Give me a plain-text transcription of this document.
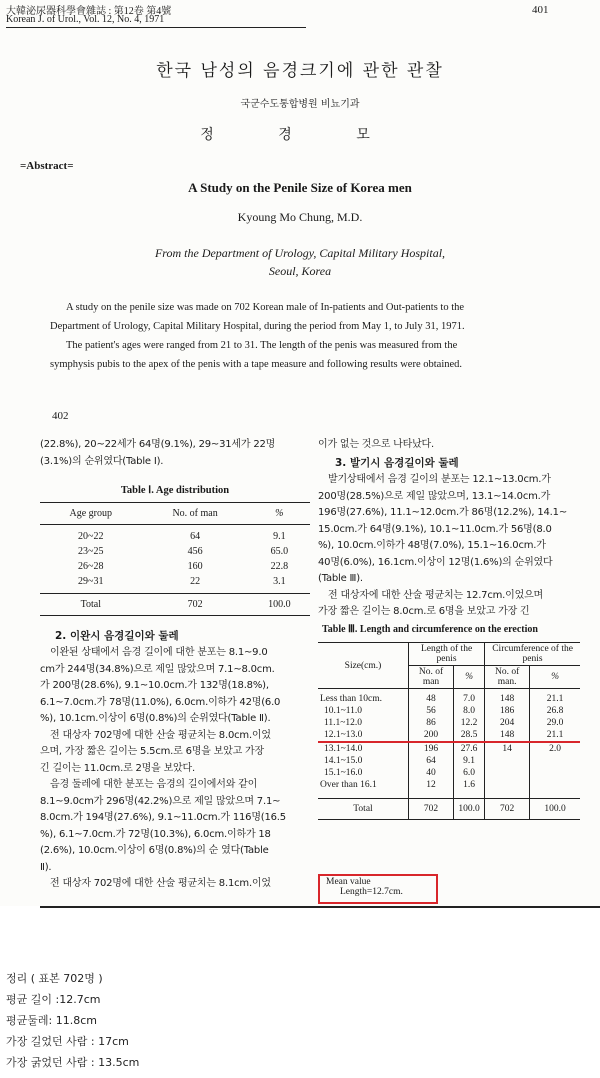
大韓泌尿器科學會雜誌 : 第12卷 第4號
Korean J. of Urol., Vol. 12, No. 4, 1971
401
한국 남성의 음경크기에 관한 관찰
국군수도통합병원 비뇨기과
정 경 모
=Abstract=
A Study on the Penile Size of Korea men
Kyoung Mo Chung, M.D.
From the Department of Urology, Capital Military Hospital,
Seoul, Korea
A study on the penile size was made on 702 Korean male of In-patients and Out-patients to the
Department of Urology, Capital Military Hospital, during the period from May 1, to July 31, 1971.
The patient's ages were ranged from 21 to 31. The length of the penis was measured from the
symphysis pubis to the apex of the penis with a tape measure and following results were obtained.
402
(22.8%), 20~22세가 64명(9.1%), 29~31세가 22명
(3.1%)의 순위였다(Table Ⅰ).
Table Ⅰ. Age distribution
Age group	No. of man	%
20~22	64	9.1
23~25	456	65.0
26~28	160	22.8
29~31	22	3.1
Total	702	100.0
2. 이완시 음경길이와 둘레
이완된 상태에서 음경 길이에 대한 분포는 8.1~9.0
cm가 244명(34.8%)으로 제일 많았으며 7.1~8.0cm.
가 200명(28.6%), 9.1~10.0cm.가 132명(18.8%),
6.1~7.0cm.가 78명(11.0%), 6.0cm.이하가 42명(6.0
%), 10.1cm.이상이 6명(0.8%)의 순위였다(Table Ⅱ).
전 대상자 702명에 대한 산술 평균치는 8.0cm.이었
으며, 가장 짧은 길이는 5.5cm.로 6명을 보았고 가장
긴 길이는 11.0cm.로 2명을 보았다.
음경 둘레에 대한 분포는 음경의 길이에서와 같이
8.1~9.0cm가 296명(42.2%)으로 제일 많았으며 7.1~
8.0cm.가 194명(27.6%), 9.1~11.0cm.가 116명(16.5
%), 6.1~7.0cm.가 72명(10.3%), 6.0cm.이하가 18
(2.6%), 10.0cm.이상이 6명(0.8%)의 순 였다(Table
Ⅱ).
전 대상자 702명에 대한 산술 평균치는 8.1cm.이었
이가 없는 것으로 나타났다.
3. 발기시 음경길이와 둘레
발기상태에서 음경 길이의 분포는 12.1~13.0cm.가
200명(28.5%)으로 제일 많았으며, 13.1~14.0cm.가
196명(27.6%), 11.1~12.0cm.가 86명(12.2%), 14.1~
15.0cm.가 64명(9.1%), 10.1~11.0cm.가 56명(8.0
%), 10.0cm.이하가 48명(7.0%), 15.1~16.0cm.가
40명(6.0%), 16.1cm.이상이 12명(1.6%)의 순위였다
(Table Ⅲ).
전 대상자에 대한 산술 평균치는 12.7cm.이었으며
가장 짧은 길이는 8.0cm.로 6명을 보았고 가장 긴
Table Ⅲ. Length and circumference on the erection
Size(cm.)	Length of the penis		Circumference of the penis	
	No. of man	%	No. of man.	%
Less than 10cm.	48	7.0	148	21.1
10.1~11.0	56	8.0	186	26.8
11.1~12.0	86	12.2	204	29.0
12.1~13.0	200	28.5	148	21.1
13.1~14.0	196	27.6	14	2.0
14.1~15.0	64	9.1		
15.1~16.0	40	6.0		
Over than 16.1	12	1.6		
Total	702	100.0	702	100.0
Mean value
Length=12.7cm.
정리 ( 표본 702명 )
평균 길이 :12.7cm
평균둘레: 11.8cm
가장 길었던 사람 : 17cm
가장 굵었던 사람 : 13.5cm
